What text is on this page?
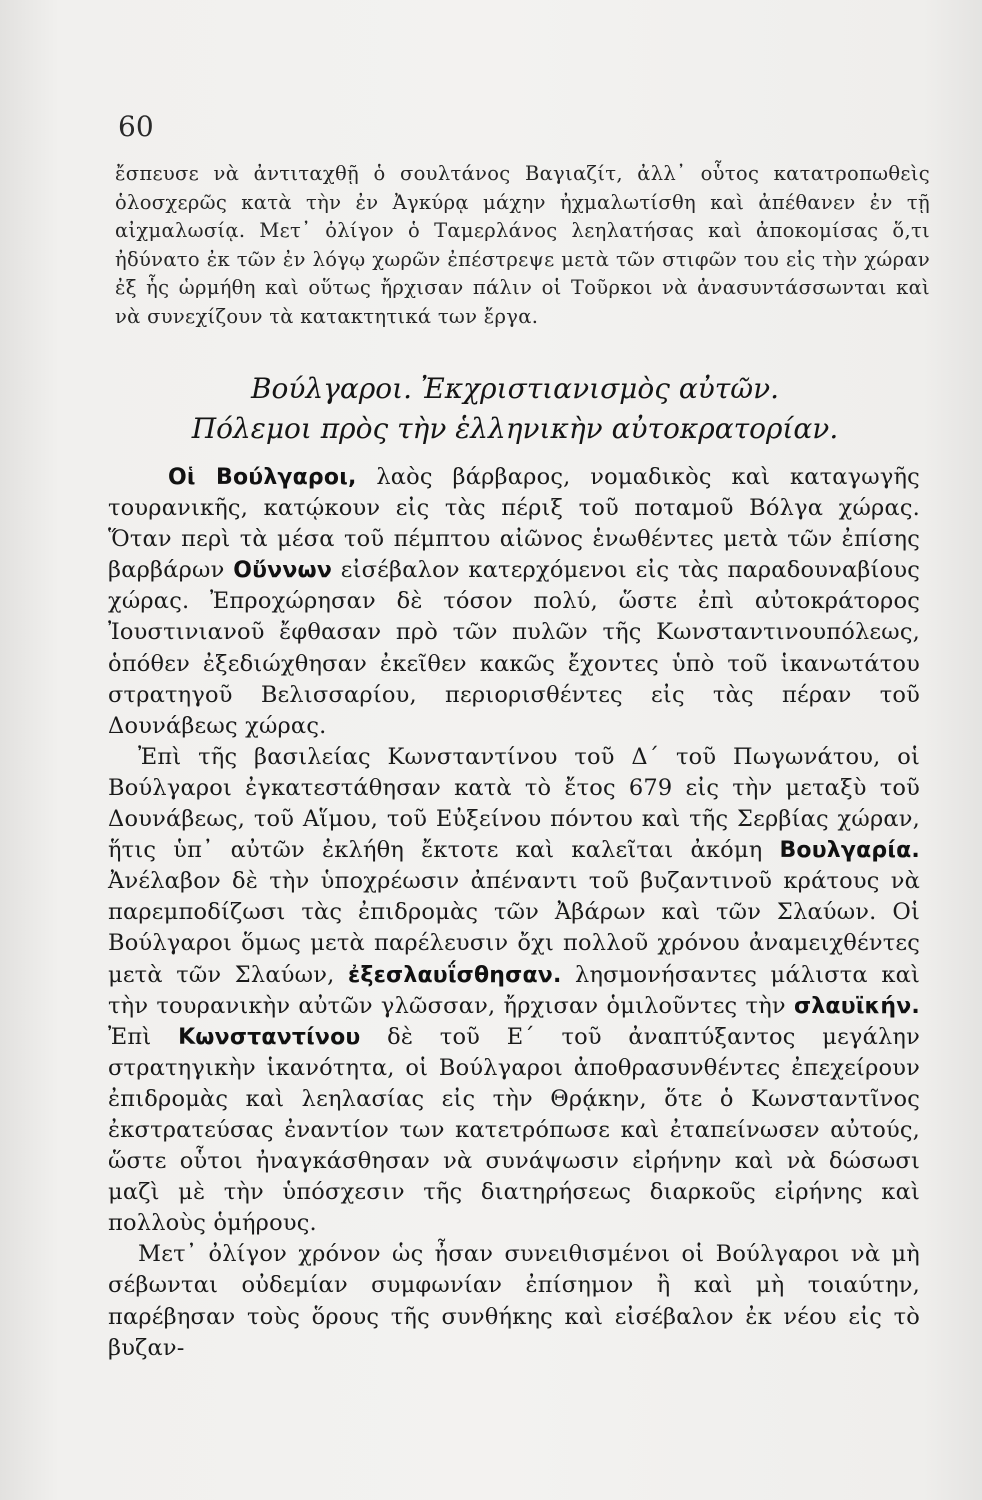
60
ἔσπευσε νὰ ἀντιταχθῇ ὁ σουλτάνος Βαγιαζίτ, ἀλλ᾽ οὗτος κατατροπωθεὶς ὁλοσχερῶς κατὰ τὴν ἐν Ἀγκύρᾳ μάχην ἠχμαλωτίσθη καὶ ἀπέθανεν ἐν τῇ αἰχμαλωσίᾳ. Μετ᾽ ὀλίγον ὁ Ταμερλάνος λεηλατήσας καὶ ἀποκομίσας ὅ,τι ἠδύνατο ἐκ τῶν ἐν λόγῳ χωρῶν ἐπέστρεψε μετὰ τῶν στιφῶν του εἰς τὴν χώραν ἐξ ἧς ὡρμήθη καὶ οὕτως ἤρχισαν πάλιν οἱ Τοῦρκοι νὰ ἀνασυντάσσωνται καὶ νὰ συνεχίζουν τὰ κατακτητικά των ἔργα.
Βούλγαροι. Ἐκχριστιανισμὸς αὐτῶν.
Πόλεμοι πρὸς τὴν ἑλληνικὴν αὐτοκρατορίαν.

Οἱ Βούλγαροι, λαὸς βάρβαρος, νομαδικὸς καὶ καταγωγῆς τουρανικῆς, κατῴκουν εἰς τὰς πέριξ τοῦ ποταμοῦ Βόλγα χώρας. Ὅταν περὶ τὰ μέσα τοῦ πέμπτου αἰῶνος ἑνωθέντες μετὰ τῶν ἐπίσης βαρβάρων Οὔννων εἰσέβαλον κατερχόμενοι εἰς τὰς παραδουναβίους χώρας. Ἐπροχώρησαν δὲ τόσον πολύ, ὥστε ἐπὶ αὐτοκράτορος Ἰουστινιανοῦ ἔφθασαν πρὸ τῶν πυλῶν τῆς Κωνσταντινουπόλεως, ὁπόθεν ἐξεδιώχθησαν ἐκεῖθεν κακῶς ἔχοντες ὑπὸ τοῦ ἱκανωτάτου στρατηγοῦ Βελισσαρίου, περιορισθέντες εἰς τὰς πέραν τοῦ Δουνάβεως χώρας.

Ἐπὶ τῆς βασιλείας Κωνσταντίνου τοῦ Δ´ τοῦ Πωγωνάτου, οἱ Βούλγαροι ἐγκατεστάθησαν κατὰ τὸ ἔτος 679 εἰς τὴν μεταξὺ τοῦ Δουνάβεως, τοῦ Αἵμου, τοῦ Εὐξείνου πόντου καὶ τῆς Σερβίας χώραν, ἥτις ὑπ᾽ αὐτῶν ἐκλήθη ἔκτοτε καὶ καλεῖται ἀκόμη Βουλγαρία. Ἀνέλαβον δὲ τὴν ὑποχρέωσιν ἀπέναντι τοῦ βυζαντινοῦ κράτους νὰ παρεμποδίζωσι τὰς ἐπιδρομὰς τῶν Ἀβάρων καὶ τῶν Σλαύων. Οἱ Βούλγαροι ὅμως μετὰ παρέλευσιν ὄχι πολλοῦ χρόνου ἀναμειχθέντες μετὰ τῶν Σλαύων, ἐξεσλαυΐσθησαν. λησμονήσαντες μάλιστα καὶ τὴν τουρανικὴν αὐτῶν γλῶσσαν, ἤρχισαν ὁμιλοῦντες τὴν σλαυϊκήν. Ἐπὶ Κωνσταντίνου δὲ τοῦ Ε´ τοῦ ἀναπτύξαντος μεγάλην στρατηγικὴν ἱκανότητα, οἱ Βούλγαροι ἀποθρασυνθέντες ἐπεχείρουν ἐπιδρομὰς καὶ λεηλασίας εἰς τὴν Θρᾴκην, ὅτε ὁ Κωνσταντῖνος ἐκστρατεύσας ἐναντίον των κατετρόπωσε καὶ ἐταπείνωσεν αὐτούς, ὥστε οὗτοι ἠναγκάσθησαν νὰ συνάψωσιν εἰρήνην καὶ νὰ δώσωσι μαζὶ μὲ τὴν ὑπόσχεσιν τῆς διατηρήσεως διαρκοῦς εἰρήνης καὶ πολλοὺς ὁμήρους.

Μετ᾽ ὀλίγον χρόνον ὡς ἦσαν συνειθισμένοι οἱ Βούλγαροι νὰ μὴ σέβωνται οὐδεμίαν συμφωνίαν ἐπίσημον ἢ καὶ μὴ τοιαύτην, παρέβησαν τοὺς ὅρους τῆς συνθήκης καὶ εἰσέβαλον ἐκ νέου εἰς τὸ βυζαν-
